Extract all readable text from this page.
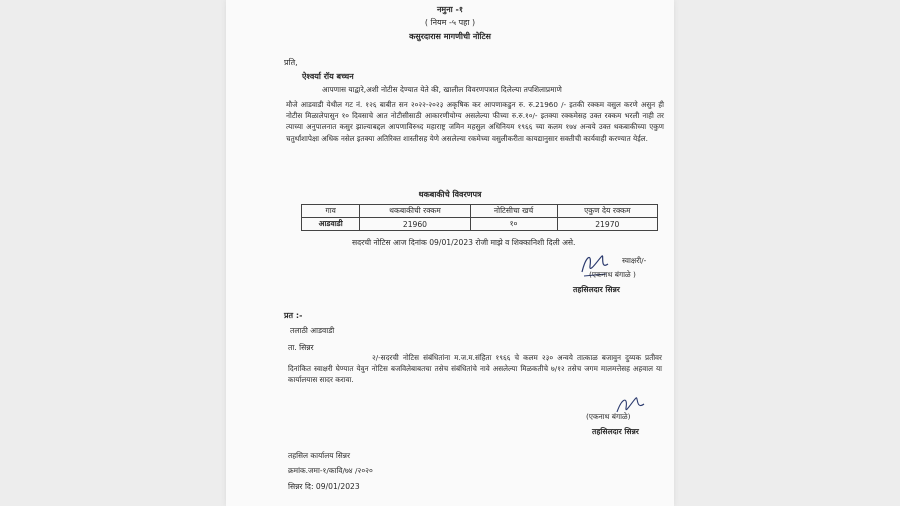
नमुना -१
( नियम -५ पहा )
कसुरदारास मागणीची नोटिस
प्रति,
ऐश्वर्या रॉय बच्चन
आपणास याद्वारे,अशी नोटीस देण्यात येते की, खालील विवरणपत्रात दिलेल्या तपशिलाप्रमाणे
मौजे आडवाडी येथील गट नं. १२६ बाबीत सन २०२२-२०२३ अकृषिक कर आपणाकडुन रु. रु.21960 /- इतकी रक्कम वसुल करणे असुन ही नोटीस मिळालेपासुन १० दिवसाचे आत नोटीसीसाठी आकारणीयोग्य असलेल्या फीच्या रु.रु.१०/- इतक्या रक्कमेसह उक्त रक्कम भरली नाही तर त्याच्या अनुपालनात कसुर झाल्याबद्दल आपणाविरुध्द महाराष्ट्र जमिन महसुल अधिनियम १९६६ च्या कलम १७४ अन्वये उक्त थकबाकीच्या एकुण चतुर्थांशापेक्षा अधिक नसेल इतक्या अतिरिक्त शास्तीसह येणे असलेल्या रकमेच्या वसुलीकरीता कायद्यानुसार सक्तीची कार्यवाही करण्यात येईल.
थकबाकीचे विवरणपत्र
गाव	थकबाकीची रक्कम	नोटिसीचा खर्च	एकुण देय रक्कम
आडवाडी	21960	१०	21970
सदरची नोटिस आज दिनांक 09/01/2023 रोजी माझे व शिक्कानिशी दिली असे.
स्वाक्षरी/-
(एकनाथ बंगाळे )
तहसिलदार सिन्नर
प्रत :-
तलाठी आडवाडी
ता. सिन्नर
२/-सदरची नोटिस संबंधितांना म.ज.म.संहिता १९६६ चे कलम २३० अन्वये तात्काळ बजावुन दुय्यक प्रतीवर दिनांकित स्वाक्षरी घेण्यात येवुन नोटिस बजविलेबाबतचा तसेच संबंधितांचे नावे असलेल्या मिळकतीचे ७/१२ तसेच जगम मालमत्तेसह अहवाल या कार्यालयास सादर करावा.
(एकनाथ बंगाळे)
तहसिलदार सिन्नर
तहसिल कार्यालय सिन्नर
क्रमांक.जमा-१/कावि/७४ /२०२०
सिन्नर दि: 09/01/2023
